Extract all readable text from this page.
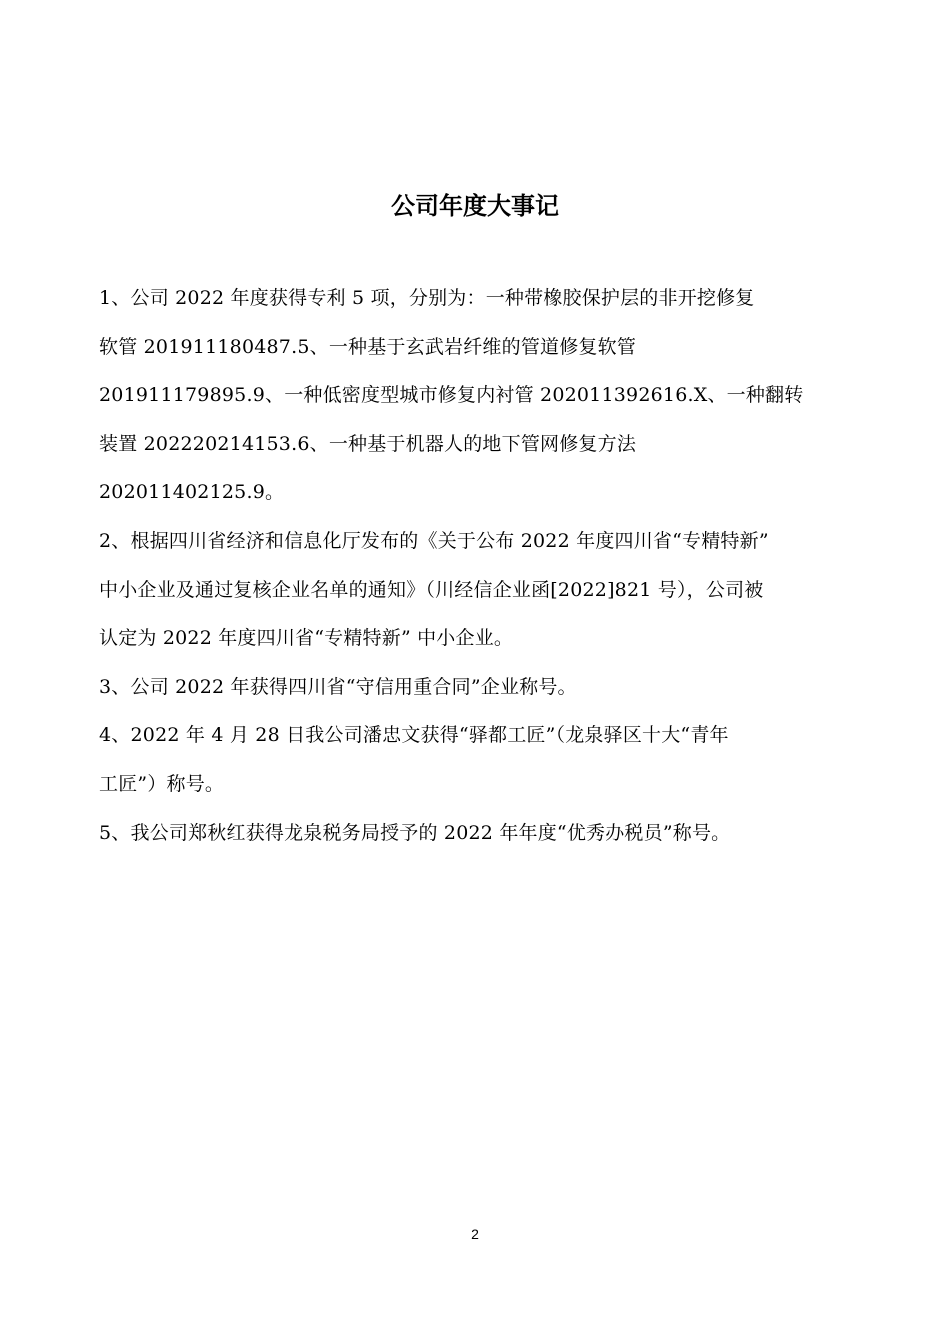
公司年度大事记

1、公司 2022 年度获得专利 5 项，分别为：一种带橡胶保护层的非开挖修复
软管 201911180487.5、一种基于玄武岩纤维的管道修复软管
201911179895.9、一种低密度型城市修复内衬管 202011392616.X、一种翻转
装置 202220214153.6、一种基于机器人的地下管网修复方法
202011402125.9。

2、根据四川省经济和信息化厅发布的《关于公布 2022 年度四川省“专精特新”
中小企业及通过复核企业名单的通知》（川经信企业函[2022]821 号），公司被
认定为 2022 年度四川省“专精特新” 中小企业。

3、公司 2022 年获得四川省“守信用重合同”企业称号。

4、2022 年 4 月 28 日我公司潘忠文获得“驿都工匠”（龙泉驿区十大“青年
工匠”）称号。

5、我公司郑秋红获得龙泉税务局授予的 2022 年年度“优秀办税员”称号。

2
